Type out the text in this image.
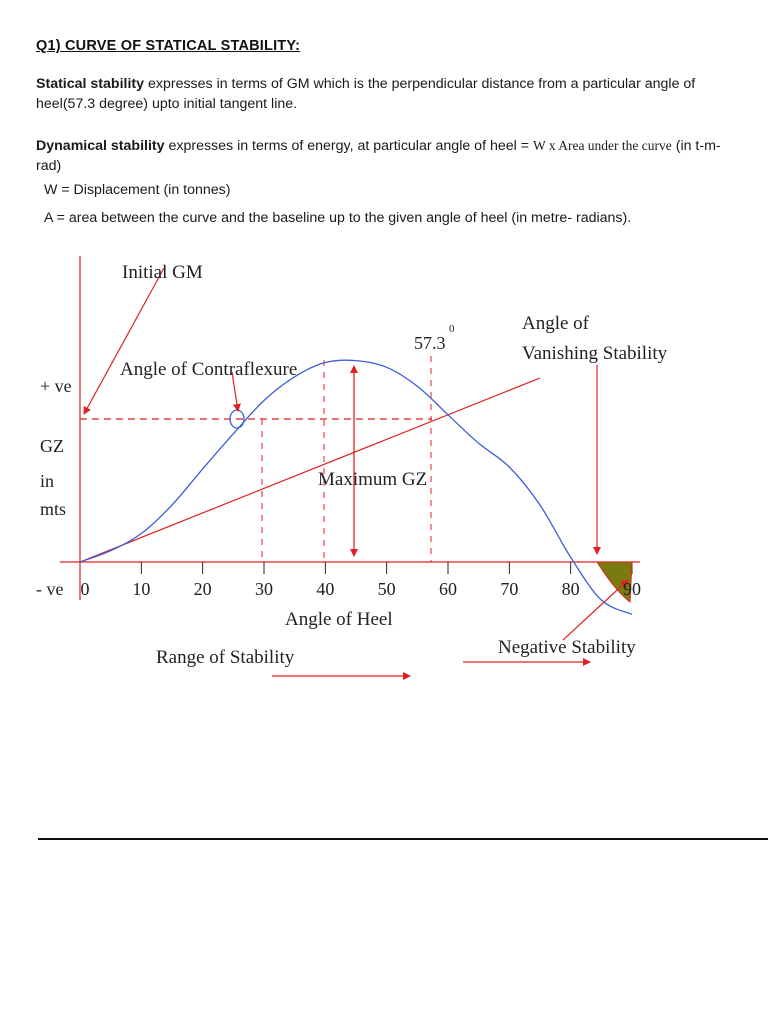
Q1) CURVE OF STATICAL STABILITY:

Statical stability expresses in terms of GM which is the perpendicular distance from a particular angle of heel(57.3 degree) upto initial tangent line.

Dynamical stability expresses in terms of energy, at particular angle of heel = W x Area under the curve (in t-m-rad)

W = Displacement (in tonnes)

A = area between the curve and the baseline up to the given angle of heel (in metre- radians).

Initial GM
57.3
0	Angle of
Vanishing Stability
Angle of Contraflexure
+ ve
GZ
in
mts
Maximum GZ
- ve 0 10 20 30 40 50 60 70 80 90
Angle of Heel
Range of Stability	Negative Stability
